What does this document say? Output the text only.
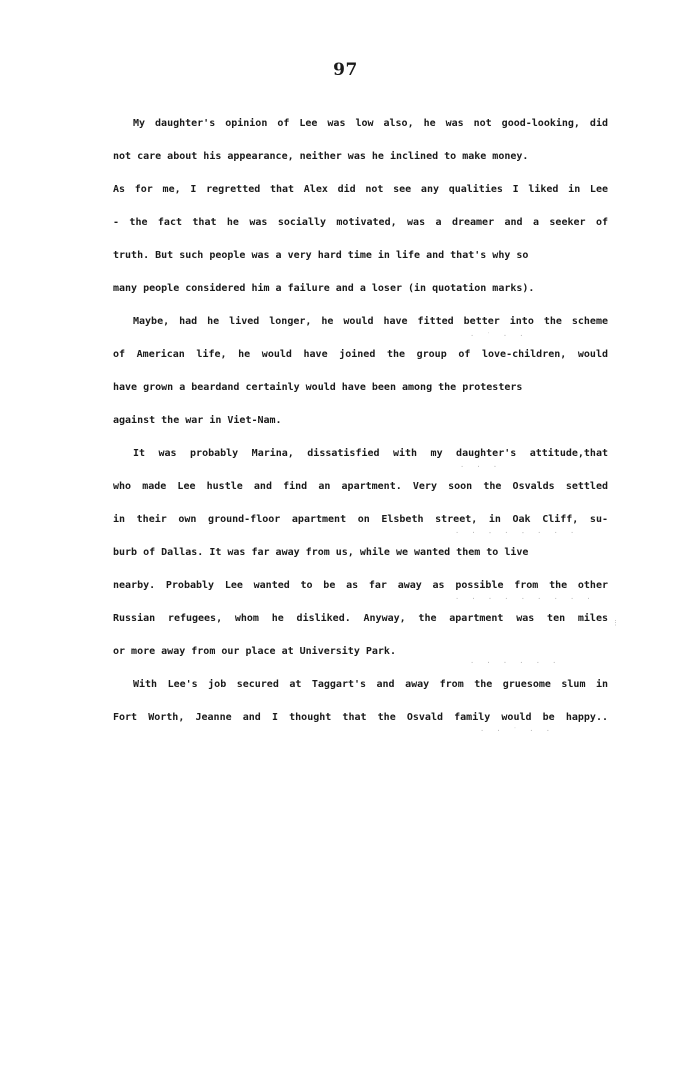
97
My daughter's opinion of Lee was low also, he was not good-looking, did
not care about his appearance, neither was he inclined to make money.
As for me, I regretted that Alex did not see any qualities I liked in Lee
- the fact that he was socially motivated, was a dreamer and a seeker of
truth. But such people was a very hard time in life and that's why so
many people considered him a failure and a loser (in quotation marks).
Maybe, had he lived longer, he would have fitted better into the scheme
of American life, he would have joined the group of love-children, would
have grown a beardand certainly would have been among the protesters
against the war in Viet-Nam.
It was probably Marina, dissatisfied with my daughter's attitude,that
who made Lee hustle and find an apartment. Very soon the Osvalds settled
in their own ground-floor apartment on Elsbeth street, in Oak Cliff, su-
burb of Dallas. It was far away from us, while we wanted them to live
nearby. Probably Lee wanted to be as far away as possible from the other
Russian refugees, whom he disliked. Anyway, the apartment was ten miles
or more away from our place at University Park.
With Lee's job secured at Taggart's and away from the gruesome slum in
Fort Worth, Jeanne and I thought that the Osvald family would be happy..
· ˙ · ·
· · ·
· · ‐ · ‐ · · ·
· · · · · · · · ·
⋮
· · · · · ·
· · ˙ · ·
